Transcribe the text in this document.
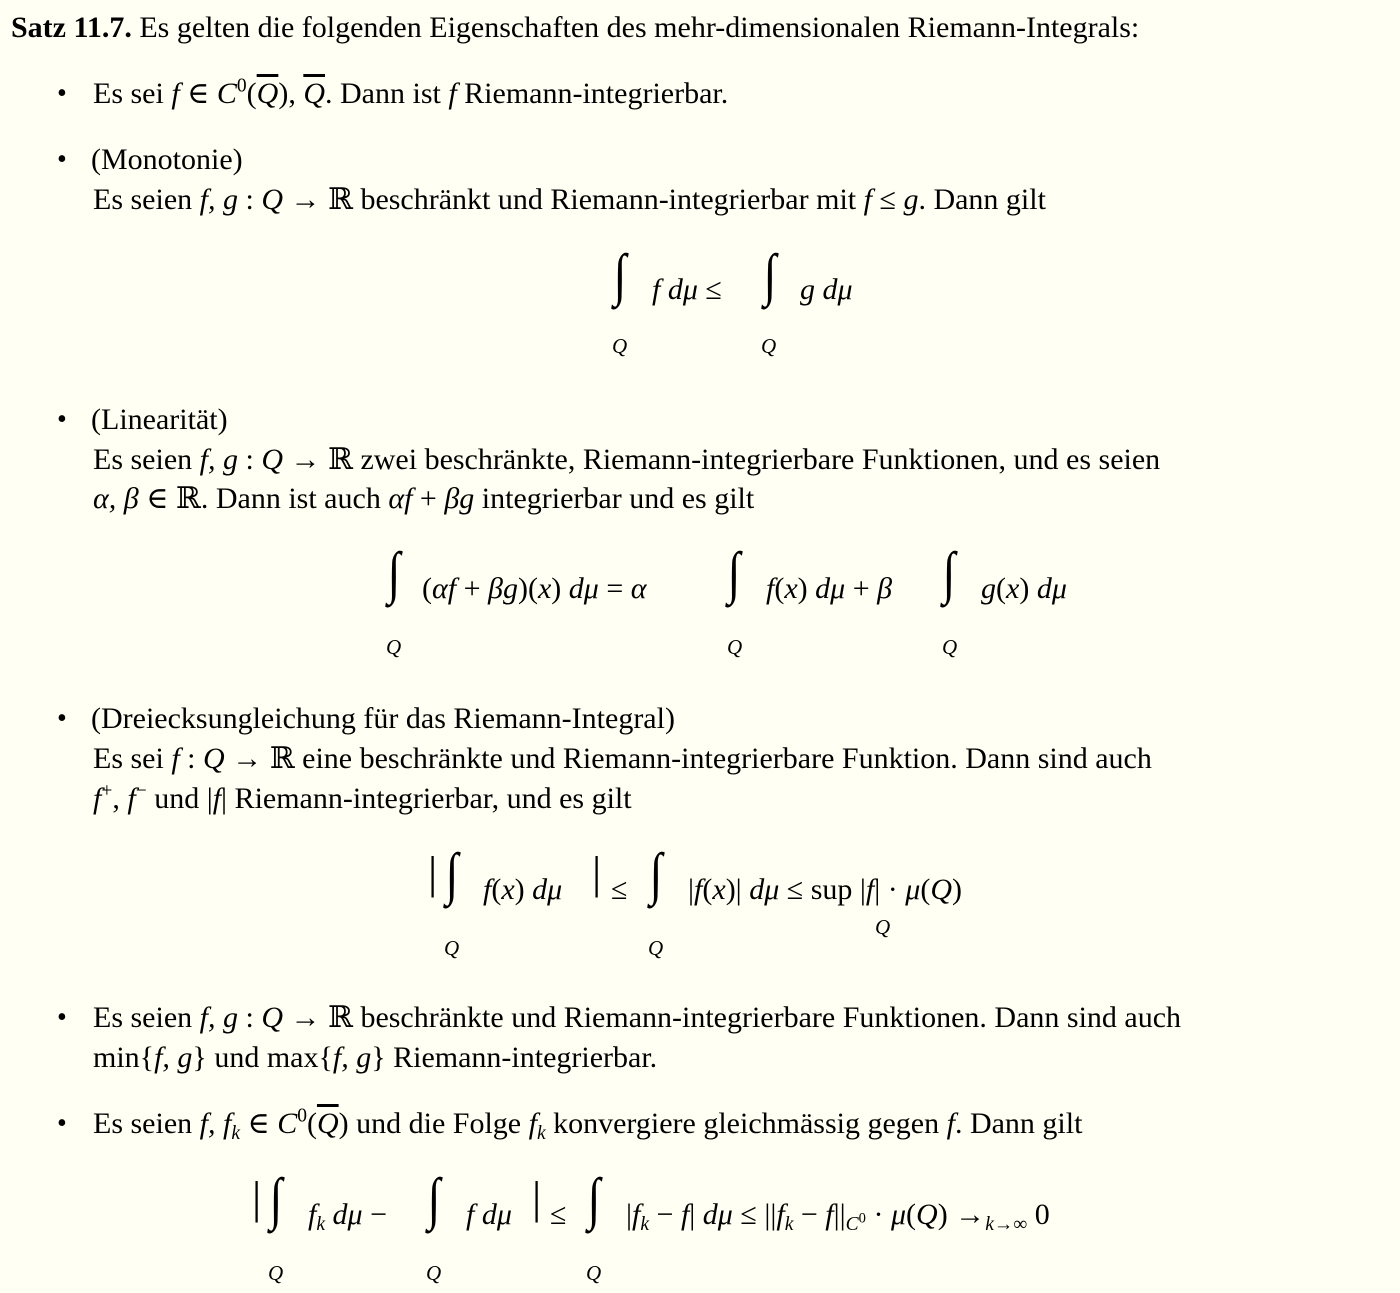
Satz 11.7. Es gelten die folgenden Eigenschaften des mehr-dimensionalen Riemann-Integrals:
• Es sei f ∈ $C^0(\overline{Q})$, $\overline{Q}$. Dann ist f Riemann-integrierbar.
• (Monotonie)
Es seien f, g : Q → ℝ beschränkt und Riemann-integrierbar mit f ≤ g. Dann gilt
∫
Q
f dμ ≤ ∫
Q
g dμ
• (Linearität)
Es seien f, g : Q → ℝ zwei beschränkte, Riemann-integrierbare Funktionen, und es seien
α, β ∈ ℝ. Dann ist auch αf + βg integrierbar und es gilt
∫
Q
(αf + βg)(x) dμ = α ∫
Q
f(x) dμ + β ∫
Q
g(x) dμ
• (Dreiecksungleichung für das Riemann-Integral)
Es sei f : Q → ℝ eine beschränkte und Riemann-integrierbare Funktion. Dann sind auch
f+, f− und |f| Riemann-integrierbar, und es gilt
| ∫
Q
f(x) dμ | ≤ ∫
Q
|f(x)| dμ ≤ sup |f| · μ(Q)
Q
• Es seien f, g : Q → ℝ beschränkte und Riemann-integrierbare Funktionen. Dann sind auch
min{f, g} und max{f, g} Riemann-integrierbar.
• Es seien f, fk ∈ $C^0(\overline{Q})$ und die Folge fk konvergiere gleichmässig gegen f. Dann gilt
| ∫
Q
fk dμ − ∫
Q
f dμ | ≤ ∫
Q
|fk − f| $d\mu \le ||fk - f||C^0 \cdot \mu(Q) \to k\to\infty$ 0
